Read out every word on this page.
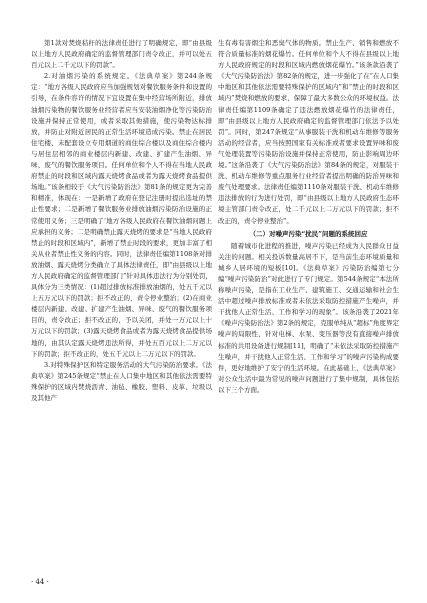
第1款对焚烧秸秆的法律责任进行了明确规定，即“由县级以上地方人民政府确定的监督管理部门责令改正，并可以处五百元以上二千元以下的罚款”。

2.对油烟污染的系统规定。《法典草案》第244条规定：“地方各级人民政府应当加强规划对餐饮服务条件和设置的引导，在条件容许的情况下宜设置在集中经营场所附近，排放油烟污染物的餐饮服务业经营者应当安装油烟净化等污染防治设施并保持正常使用，或者采取其他措施，使污染物达标排放，并防止对附近居民的正常生活环境造成污染。禁止在居民住宅楼、未配套设立专用烟道的商住综合楼以及商住综合楼内与居住层相邻的商业楼层内新建、改建、扩建产生油烟、异味、废气的餐饮服务项目。任何单位和个人不得在当地人民政府禁止的时段和区域内露天烧烤食品或者为露天烧烤食品提供场地。”该条相较于《大气污染防治法》第81条的规定更为完善和精准，体现在：一是新增了政府在登记注册时提出选址的禁止性要求；二是新增了餐饮服务业排放油烟污染防治设施的正常使用义务；三是明确了‘地方各级人民政府在餐饮油烟问题上应承担的义务；二是明确禁止露天烧烤的要求是“当地人民政府禁止的时段和区域内”，新增了禁止时段的要求，更加丰富了相关从业者禁止性义务的内容。同时，法律责任编第1108条对排放油烟、露天烧烤分类确立了具体法律责任，即“由县级以上地方人民政府确定的监督管理部门”针对具体违法行为分别处罚，具体分为三类情况：(1)超过排放标准排放油烟的，处五千元以上五万元以下的罚款；拒不改正的，责令停业整治；(2)在商业楼层内新建、改建、扩建产生油烟、异味、废气的餐饮服务项目的，责令改正；拒不改正的，予以关闭，并处一万元以上十万元以下的罚款；(3)露天烧烤食品或者为露天烧烤食品提供场地的，由其认定露天烧烤违法所得，并处五百元以上二万元以下的罚款；拒不改正的，处五千元以上二万元以下的罚款。

3.对特殊保护区和特定服务活动的大气污染防治要求。《法典草案》第245条规定“禁止在人口集中地区和其他依法需要特殊保护的区域内焚烧沥青、油毡、橡胶、塑料、皮革、垃圾以及其他产

生有毒有害烟尘和恶臭气体的物质。禁止生产、销售和燃放不符合质量标准的烟花爆竹。任何单位和个人不得在县级以上地方人民政府规定的时段和区域内燃放烟花爆竹。”该条款沿袭了《大气污染防治法》第82条的规定，进一步强化了在“在人口集中地区和其他依法需要特殊保护的区域内”和“禁止的时段和区域内”焚烧和燃放的要求，保障了最大多数公众的环境权益。法律责任编第1109条确定了违法燃放烟花爆竹的法律责任，即“由县级以上地方人民政府确定的监督管理部门依法予以处罚”。同时，第247条规定“从事服装干洗和机动车维修等服务活动的经营者，应当按照国家有关标准或者要求设置异味和废气处理装置等污染防治设施并保持正常使用，防止影响周边环境。”这条沿袭了《大气污染防治法》第84条的规定，对服装干洗、机动车维修等重点服务行业经营者提出明确的防治异味和废气处理要求。法律责任编第1110条对服装干洗、机动车维修违法排放的行为进行处罚，即“由县级以上地方人民政府生态环境主管部门责令改正，处二千元以上二万元以下的罚款；拒不改正的，责令停业整治”。

（二）对噪声污染“扰民”问题的系统回应

随着城市化进程的推进，噪声污染已经成为人民群众日益关注的问题。相关投诉数量高居不下，是当前生态环境质量和城乡人居环境的短板[10]。《法典草案》污染防治编第七分编“噪声污染防治”对此进行了专门规定。第544条规定“本法所称噪声污染，是指在工业生产、建筑施工、交通运输和社会生活中超过噪声排放标准或者未依法采取防控措施产生噪声，并干扰他人正常生活、工作和学习的现象”。该条沿袭了2021年《噪声污染防治法》第2条的规定，克服单纯从“超标”角度界定噪声的局限性，针对电梯、水泵、变压器等没有直接噪声排放标准的共用设备进行规制[11]，明确了“未依法采取防控措施产生噪声，并干扰他人正常生活、工作和学习”的噪声污染构成要件，更好地维护了安宁的生活环境。在此基础上，《法典草案》对公众生活中最为常见的噪声问题进行了集中规制，具体包括以下三个方面。

· 44 ·
